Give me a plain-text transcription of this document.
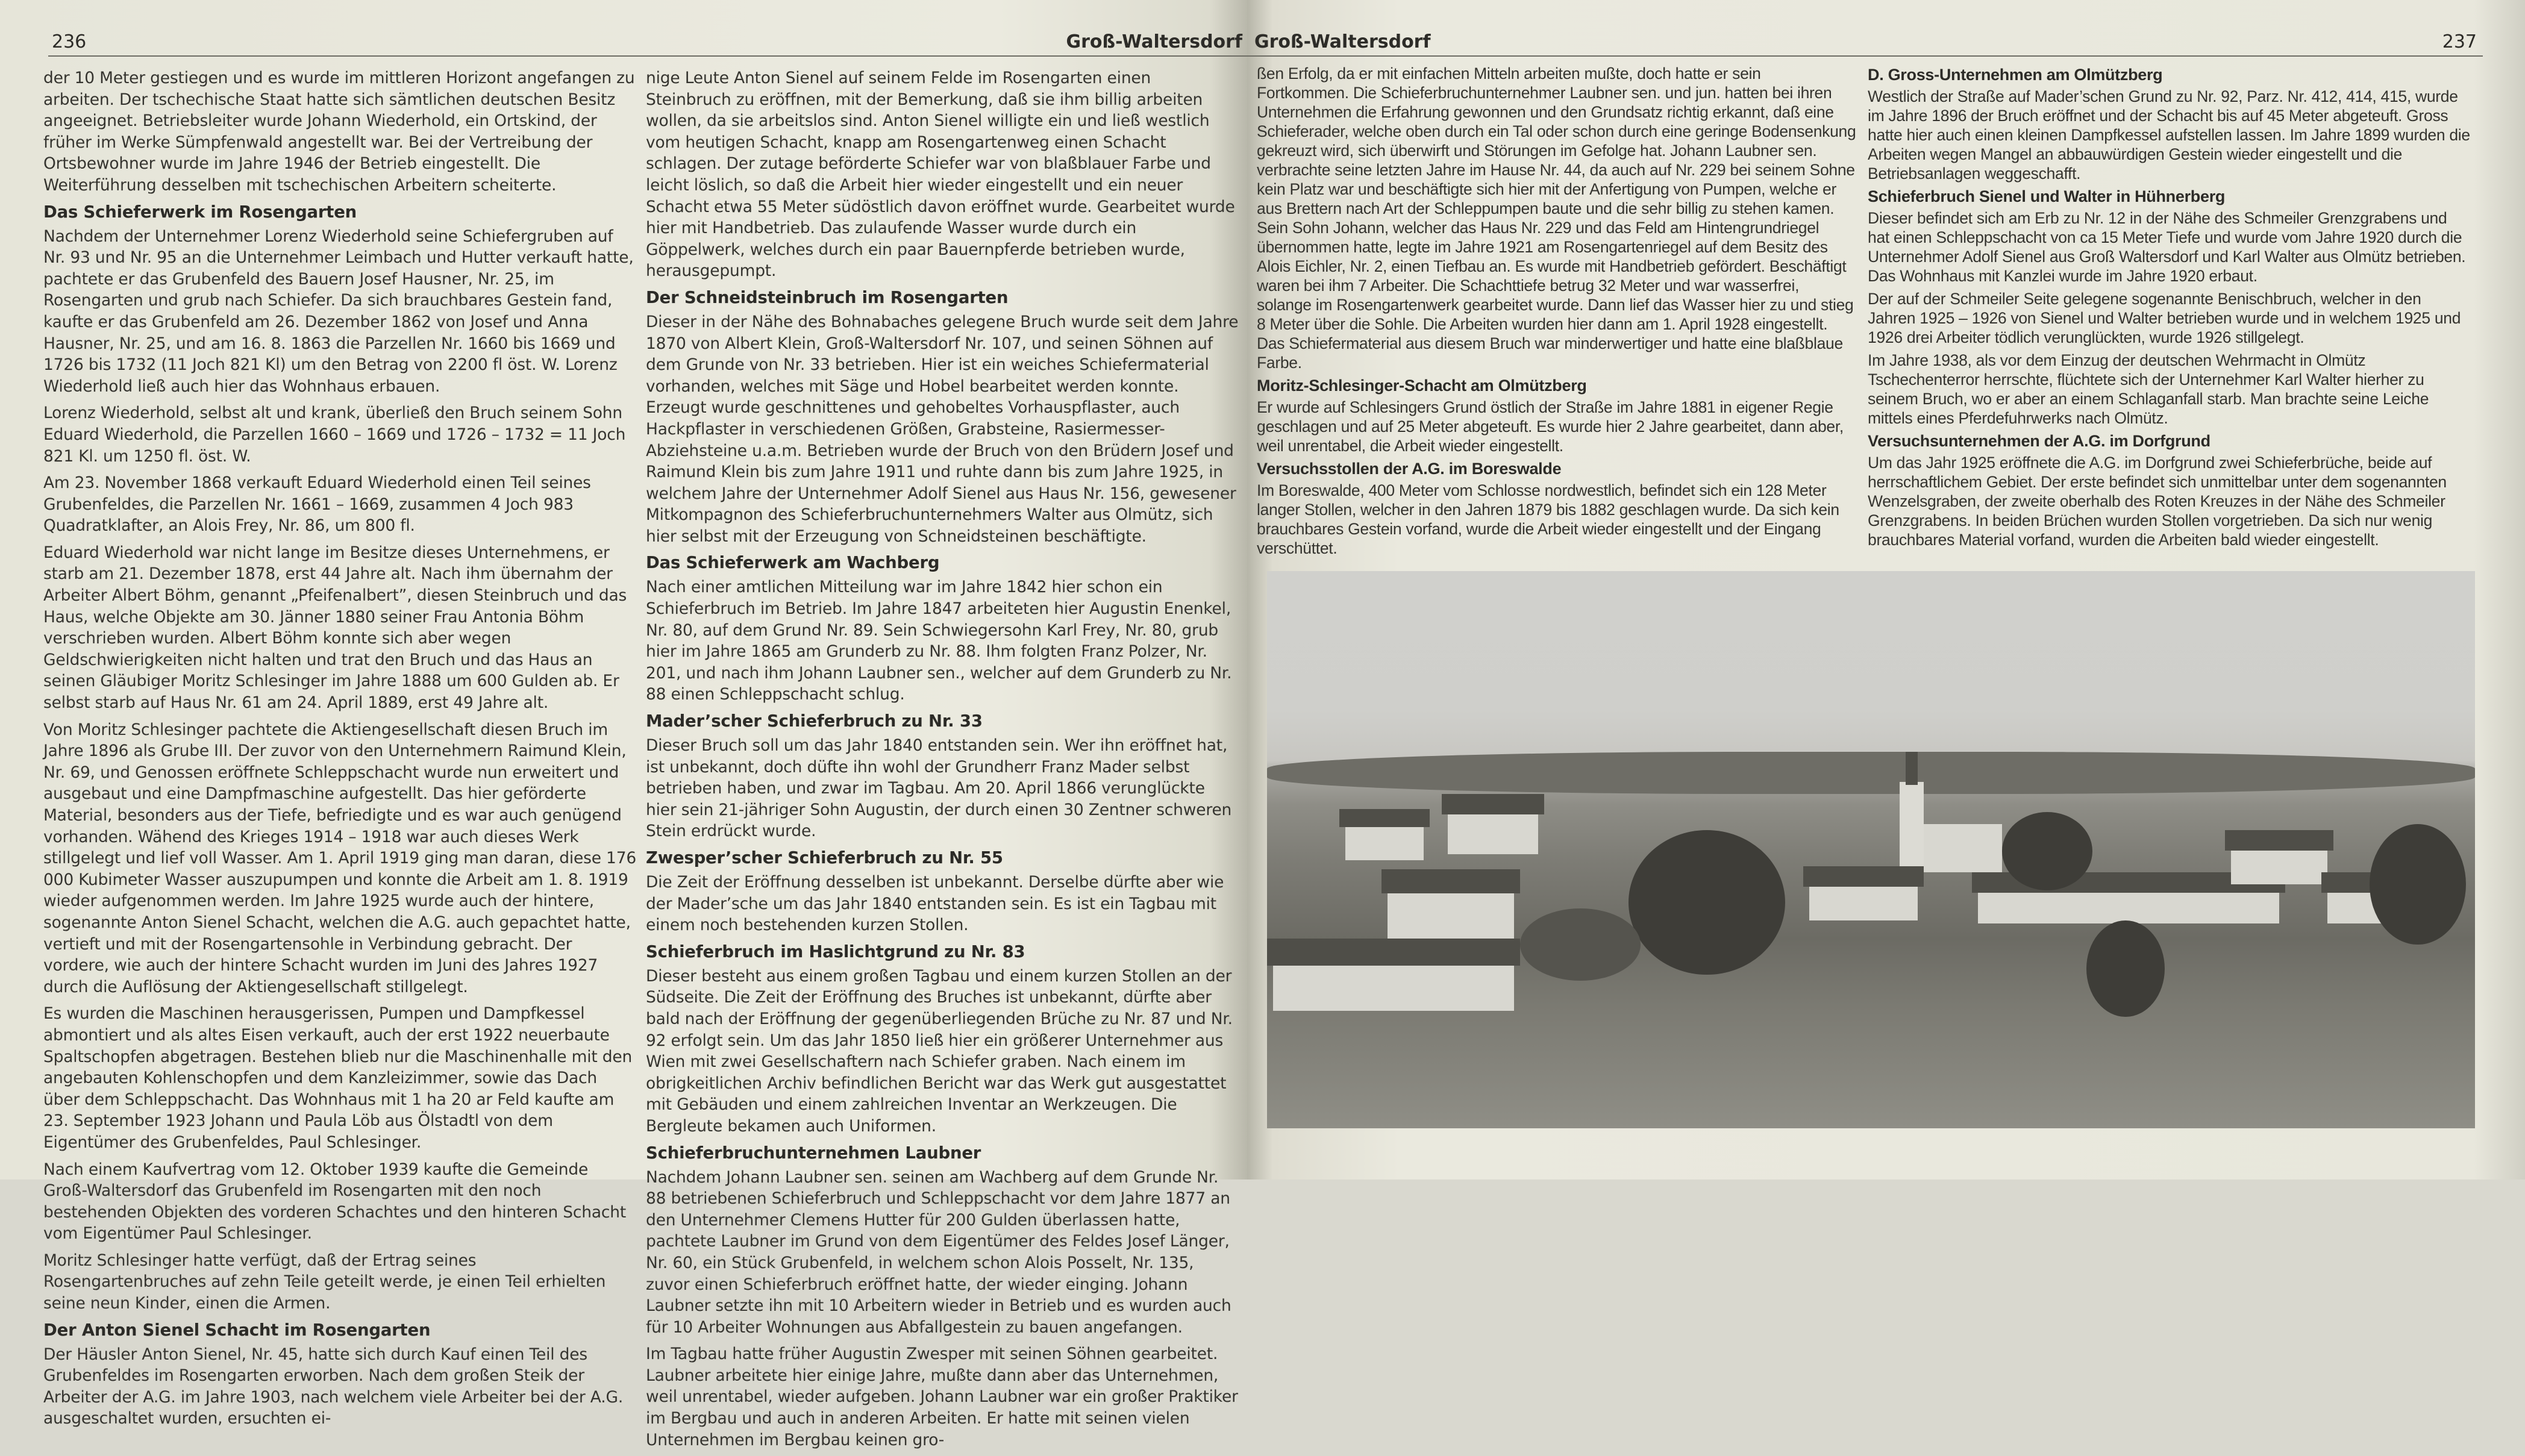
236	Groß-Waltersdorf

der 10 Meter gestiegen und es wurde im mittleren Horizont angefangen zu arbeiten. Der tschechische Staat hatte sich sämtlichen deutschen Besitz angeeignet. Betriebsleiter wurde Johann Wiederhold, ein Ortskind, der früher im Werke Sümpfenwald angestellt war. Bei der Vertreibung der Ortsbewohner wurde im Jahre 1946 der Betrieb eingestellt. Die Weiterführung desselben mit tschechischen Arbeitern scheiterte.

Das Schieferwerk im Rosengarten

Nachdem der Unternehmer Lorenz Wiederhold seine Schiefergruben auf Nr. 93 und Nr. 95 an die Unternehmer Leimbach und Hutter verkauft hatte, pachtete er das Grubenfeld des Bauern Josef Hausner, Nr. 25, im Rosengarten und grub nach Schiefer. Da sich brauchbares Gestein fand, kaufte er das Grubenfeld am 26. Dezember 1862 von Josef und Anna Hausner, Nr. 25, und am 16. 8. 1863 die Parzellen Nr. 1660 bis 1669 und 1726 bis 1732 (11 Joch 821 Kl) um den Betrag von 2200 fl öst. W. Lorenz Wiederhold ließ auch hier das Wohnhaus erbauen.

Lorenz Wiederhold, selbst alt und krank, überließ den Bruch seinem Sohn Eduard Wiederhold, die Parzellen 1660 – 1669 und 1726 – 1732 = 11 Joch 821 Kl. um 1250 fl. öst. W.

Am 23. November 1868 verkauft Eduard Wiederhold einen Teil seines Grubenfeldes, die Parzellen Nr. 1661 – 1669, zusammen 4 Joch 983 Quadratklafter, an Alois Frey, Nr. 86, um 800 fl.

Eduard Wiederhold war nicht lange im Besitze dieses Unternehmens, er starb am 21. Dezember 1878, erst 44 Jahre alt. Nach ihm übernahm der Arbeiter Albert Böhm, genannt „Pfeifenalbert”, diesen Steinbruch und das Haus, welche Objekte am 30. Jänner 1880 seiner Frau Antonia Böhm verschrieben wurden. Albert Böhm konnte sich aber wegen Geldschwierigkeiten nicht halten und trat den Bruch und das Haus an seinen Gläubiger Moritz Schlesinger im Jahre 1888 um 600 Gulden ab. Er selbst starb auf Haus Nr. 61 am 24. April 1889, erst 49 Jahre alt.

Von Moritz Schlesinger pachtete die Aktiengesellschaft diesen Bruch im Jahre 1896 als Grube III. Der zuvor von den Unternehmern Raimund Klein, Nr. 69, und Genossen eröffnete Schleppschacht wurde nun erweitert und ausgebaut und eine Dampfmaschine aufgestellt. Das hier geförderte Material, besonders aus der Tiefe, befriedigte und es war auch genügend vorhanden. Wähend des Krieges 1914 – 1918 war auch dieses Werk stillgelegt und lief voll Wasser. Am 1. April 1919 ging man daran, diese 176 000 Kubimeter Wasser auszupumpen und konnte die Arbeit am 1. 8. 1919 wieder aufgenommen werden. Im Jahre 1925 wurde auch der hintere, sogenannte Anton Sienel Schacht, welchen die A.G. auch gepachtet hatte, vertieft und mit der Rosengartensohle in Verbindung gebracht. Der vordere, wie auch der hintere Schacht wurden im Juni des Jahres 1927 durch die Auflösung der Aktiengesellschaft stillgelegt.

Es wurden die Maschinen herausgerissen, Pumpen und Dampfkessel abmontiert und als altes Eisen verkauft, auch der erst 1922 neuerbaute Spaltschopfen abgetragen. Bestehen blieb nur die Maschinenhalle mit den angebauten Kohlenschopfen und dem Kanzleizimmer, sowie das Dach über dem Schleppschacht. Das Wohnhaus mit 1 ha 20 ar Feld kaufte am 23. September 1923 Johann und Paula Löb aus Ölstadtl von dem Eigentümer des Grubenfeldes, Paul Schlesinger.

Nach einem Kaufvertrag vom 12. Oktober 1939 kaufte die Gemeinde Groß-Waltersdorf das Grubenfeld im Rosengarten mit den noch bestehenden Objekten des vorderen Schachtes und den hinteren Schacht vom Eigentümer Paul Schlesinger.

Moritz Schlesinger hatte verfügt, daß der Ertrag seines Rosengartenbruches auf zehn Teile geteilt werde, je einen Teil erhielten seine neun Kinder, einen die Armen.

Der Anton Sienel Schacht im Rosengarten

Der Häusler Anton Sienel, Nr. 45, hatte sich durch Kauf einen Teil des Grubenfeldes im Rosengarten erworben. Nach dem großen Steik der Arbeiter der A.G. im Jahre 1903, nach welchem viele Arbeiter bei der A.G. ausgeschaltet wurden, ersuchten ei-

nige Leute Anton Sienel auf seinem Felde im Rosengarten einen Steinbruch zu eröffnen, mit der Bemerkung, daß sie ihm billig arbeiten wollen, da sie arbeitslos sind. Anton Sienel willigte ein und ließ westlich vom heutigen Schacht, knapp am Rosengartenweg einen Schacht schlagen. Der zutage beförderte Schiefer war von blaßblauer Farbe und leicht löslich, so daß die Arbeit hier wieder eingestellt und ein neuer Schacht etwa 55 Meter südöstlich davon eröffnet wurde. Gearbeitet wurde hier mit Handbetrieb. Das zulaufende Wasser wurde durch ein Göppelwerk, welches durch ein paar Bauernpferde betrieben wurde, herausgepumpt.

Der Schneidsteinbruch im Rosengarten

Dieser in der Nähe des Bohnabaches gelegene Bruch wurde seit dem Jahre 1870 von Albert Klein, Groß-Waltersdorf Nr. 107, und seinen Söhnen auf dem Grunde von Nr. 33 betrieben. Hier ist ein weiches Schiefermaterial vorhanden, welches mit Säge und Hobel bearbeitet werden konnte. Erzeugt wurde geschnittenes und gehobeltes Vorhauspflaster, auch Hackpflaster in verschiedenen Größen, Grabsteine, Rasiermesser-Abziehsteine u.a.m. Betrieben wurde der Bruch von den Brüdern Josef und Raimund Klein bis zum Jahre 1911 und ruhte dann bis zum Jahre 1925, in welchem Jahre der Unternehmer Adolf Sienel aus Haus Nr. 156, gewesener Mitkompagnon des Schieferbruchunternehmers Walter aus Olmütz, sich hier selbst mit der Erzeugung von Schneidsteinen beschäftigte.

Das Schieferwerk am Wachberg

Nach einer amtlichen Mitteilung war im Jahre 1842 hier schon ein Schieferbruch im Betrieb. Im Jahre 1847 arbeiteten hier Augustin Enenkel, Nr. 80, auf dem Grund Nr. 89. Sein Schwiegersohn Karl Frey, Nr. 80, grub hier im Jahre 1865 am Grunderb zu Nr. 88. Ihm folgten Franz Polzer, Nr. 201, und nach ihm Johann Laubner sen., welcher auf dem Grunderb zu Nr. 88 einen Schleppschacht schlug.

Mader’scher Schieferbruch zu Nr. 33

Dieser Bruch soll um das Jahr 1840 entstanden sein. Wer ihn eröffnet hat, ist unbekannt, doch düfte ihn wohl der Grundherr Franz Mader selbst betrieben haben, und zwar im Tagbau. Am 20. April 1866 verunglückte hier sein 21-jähriger Sohn Augustin, der durch einen 30 Zentner schweren Stein erdrückt wurde.

Zwesper’scher Schieferbruch zu Nr. 55

Die Zeit der Eröffnung desselben ist unbekannt. Derselbe dürfte aber wie der Mader’sche um das Jahr 1840 entstanden sein. Es ist ein Tagbau mit einem noch bestehenden kurzen Stollen.

Schieferbruch im Haslichtgrund zu Nr. 83

Dieser besteht aus einem großen Tagbau und einem kurzen Stollen an der Südseite. Die Zeit der Eröffnung des Bruches ist unbekannt, dürfte aber bald nach der Eröffnung der gegenüberliegenden Brüche zu Nr. 87 und Nr. 92 erfolgt sein. Um das Jahr 1850 ließ hier ein größerer Unternehmer aus Wien mit zwei Gesellschaftern nach Schiefer graben. Nach einem im obrigkeitlichen Archiv befindlichen Bericht war das Werk gut ausgestattet mit Gebäuden und einem zahlreichen Inventar an Werkzeugen. Die Bergleute bekamen auch Uniformen.

Schieferbruchunternehmen Laubner

Nachdem Johann Laubner sen. seinen am Wachberg auf dem Grunde Nr. 88 betriebenen Schieferbruch und Schleppschacht vor dem Jahre 1877 an den Unternehmer Clemens Hutter für 200 Gulden überlassen hatte, pachtete Laubner im Grund von dem Eigentümer des Feldes Josef Länger, Nr. 60, ein Stück Grubenfeld, in welchem schon Alois Posselt, Nr. 135, zuvor einen Schieferbruch eröffnet hatte, der wieder einging. Johann Laubner setzte ihn mit 10 Arbeitern wieder in Betrieb und es wurden auch für 10 Arbeiter Wohnungen aus Abfallgestein zu bauen angefangen.

Im Tagbau hatte früher Augustin Zwesper mit seinen Söhnen gearbeitet. Laubner arbeitete hier einige Jahre, mußte dann aber das Unternehmen, weil unrentabel, wieder aufgeben. Johann Laubner war ein großer Praktiker im Bergbau und auch in anderen Arbeiten. Er hatte mit seinen vielen Unternehmen im Bergbau keinen gro-

Groß-Waltersdorf	237

ßen Erfolg, da er mit einfachen Mitteln arbeiten mußte, doch hatte er sein Fortkommen. Die Schieferbruchunternehmer Laubner sen. und jun. hatten bei ihren Unternehmen die Erfahrung gewonnen und den Grundsatz richtig erkannt, daß eine Schieferader, welche oben durch ein Tal oder schon durch eine geringe Bodensenkung gekreuzt wird, sich überwirft und Störungen im Gefolge hat. Johann Laubner sen. verbrachte seine letzten Jahre im Hause Nr. 44, da auch auf Nr. 229 bei seinem Sohne kein Platz war und beschäftigte sich hier mit der Anfertigung von Pumpen, welche er aus Brettern nach Art der Schleppumpen baute und die sehr billig zu stehen kamen. Sein Sohn Johann, welcher das Haus Nr. 229 und das Feld am Hintengrundriegel übernommen hatte, legte im Jahre 1921 am Rosengartenriegel auf dem Besitz des Alois Eichler, Nr. 2, einen Tiefbau an. Es wurde mit Handbetrieb gefördert. Beschäftigt waren bei ihm 7 Arbeiter. Die Schachttiefe betrug 32 Meter und war wasserfrei, solange im Rosengartenwerk gearbeitet wurde. Dann lief das Wasser hier zu und stieg 8 Meter über die Sohle. Die Arbeiten wurden hier dann am 1. April 1928 eingestellt. Das Schiefermaterial aus diesem Bruch war minderwertiger und hatte eine blaßblaue Farbe.

Moritz-Schlesinger-Schacht am Olmützberg

Er wurde auf Schlesingers Grund östlich der Straße im Jahre 1881 in eigener Regie geschlagen und auf 25 Meter abgeteuft. Es wurde hier 2 Jahre gearbeitet, dann aber, weil unrentabel, die Arbeit wieder eingestellt.

Versuchsstollen der A.G. im Boreswalde

Im Boreswalde, 400 Meter vom Schlosse nordwestlich, befindet sich ein 128 Meter langer Stollen, welcher in den Jahren 1879 bis 1882 geschlagen wurde. Da sich kein brauchbares Gestein vorfand, wurde die Arbeit wieder eingestellt und der Eingang verschüttet.

D. Gross-Unternehmen am Olmützberg

Westlich der Straße auf Mader’schen Grund zu Nr. 92, Parz. Nr. 412, 414, 415, wurde im Jahre 1896 der Bruch eröffnet und der Schacht bis auf 45 Meter abgeteuft. Gross hatte hier auch einen kleinen Dampfkessel aufstellen lassen. Im Jahre 1899 wurden die Arbeiten wegen Mangel an abbauwürdigen Gestein wieder eingestellt und die Betriebsanlagen weggeschafft.

Schieferbruch Sienel und Walter in Hühnerberg

Dieser befindet sich am Erb zu Nr. 12 in der Nähe des Schmeiler Grenzgrabens und hat einen Schleppschacht von ca 15 Meter Tiefe und wurde vom Jahre 1920 durch die Unternehmer Adolf Sienel aus Groß Waltersdorf und Karl Walter aus Olmütz betrieben. Das Wohnhaus mit Kanzlei wurde im Jahre 1920 erbaut.

Der auf der Schmeiler Seite gelegene sogenannte Benischbruch, welcher in den Jahren 1925 – 1926 von Sienel und Walter betrieben wurde und in welchem 1925 und 1926 drei Arbeiter tödlich verunglückten, wurde 1926 stillgelegt.

Im Jahre 1938, als vor dem Einzug der deutschen Wehrmacht in Olmütz Tschechenterror herrschte, flüchtete sich der Unternehmer Karl Walter hierher zu seinem Bruch, wo er aber an einem Schlaganfall starb. Man brachte seine Leiche mittels eines Pferdefuhrwerks nach Olmütz.

Versuchsunternehmen der A.G. im Dorfgrund

Um das Jahr 1925 eröffnete die A.G. im Dorfgrund zwei Schieferbrüche, beide auf herrschaftlichem Gebiet. Der erste befindet sich unmittelbar unter dem sogenannten Wenzelsgraben, der zweite oberhalb des Roten Kreuzes in der Nähe des Schmeiler Grenzgrabens. In beiden Brüchen wurden Stollen vorgetrieben. Da sich nur wenig brauchbares Material vorfand, wurden die Arbeiten bald wieder eingestellt.
